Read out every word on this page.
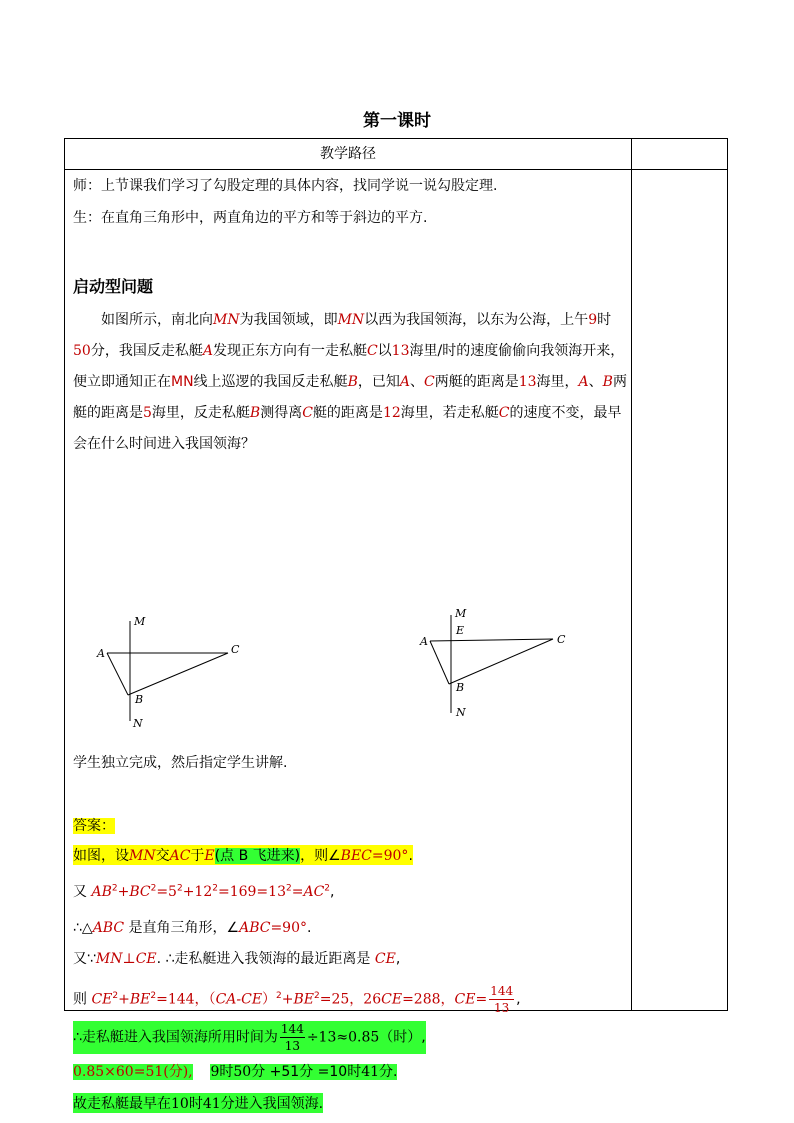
第一课时
教学路径
师：上节课我们学习了勾股定理的具体内容，找同学说一说勾股定理.
生：在直角三角形中，两直角边的平方和等于斜边的平方.
启动型问题
如图所示，南北向MN为我国领域，即MN以西为我国领海，以东为公海，上午9时50分，我国反走私艇A发现正东方向有一走私艇C以13海里/时的速度偷偷向我领海开来，便立即通知正在MN线上巡逻的我国反走私艇B，已知A、C两艇的距离是13海里，A、B两艇的距离是5海里，反走私艇B测得离C艇的距离是12海里，若走私艇C的速度不变，最早会在什么时间进入我国领海？
M
A	C
B
N
M
E
A	C
B
N
学生独立完成，然后指定学生讲解.
答案：
如图，设MN交AC于E(点 B 飞进来)，则∠BEC=90°.
又 $AB^2+BC^2=5^2+12^2=169=13^2=AC^2$,
∴△ABC 是直角三角形，∠ABC=90°.
又∵MN⊥CE. ∴走私艇进入我领海的最近距离是 CE,
则 $CE^2+BE^2=144$，$(CA-CE)^2+BE^2=25$，26CE=288，$CE= \frac{144}{13}$ ,
∴走私艇进入我国领海所用时间为 $\frac{144}{13} \div 13\approx 0.85$（时）,
0.85×60=51(分), 9时50分 +51分 =10时41分.
故走私艇最早在10时41分进入我国领海.
